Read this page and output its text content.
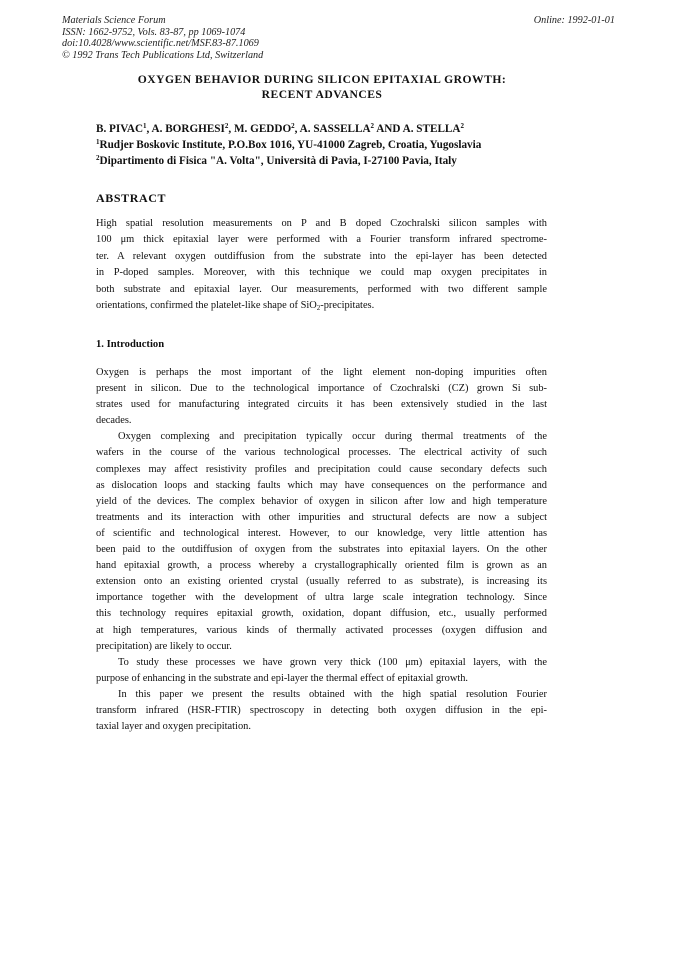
Materials Science Forum
ISSN: 1662-9752, Vols. 83-87, pp 1069-1074
doi:10.4028/www.scientific.net/MSF.83-87.1069
© 1992 Trans Tech Publications Ltd, Switzerland
Online: 1992-01-01
OXYGEN BEHAVIOR DURING SILICON EPITAXIAL GROWTH:
RECENT ADVANCES
B. PIVAC$^1$, A. BORGHESI$^2$, M. GEDDO$^2$, A. SASSELLA$^2$ AND A. STELLA$^2$
$^1$Rudjer Boskovic Institute, P.O.Box 1016, YU-41000 Zagreb, Croatia, Yugoslavia
$^2$Dipartimento di Fisica "A. Volta", Università di Pavia, I-27100 Pavia, Italy
ABSTRACT
High spatial resolution measurements on P and B doped Czochralski silicon samples with
100 μm thick epitaxial layer were performed with a Fourier transform infrared spectrome-
ter. A relevant oxygen outdiffusion from the substrate into the epi-layer has been detected
in P-doped samples. Moreover, with this technique we could map oxygen precipitates in
both substrate and epitaxial layer. Our measurements, performed with two different sample
orientations, confirmed the platelet-like shape of SiO$_2$-precipitates.
1. Introduction
Oxygen is perhaps the most important of the light element non-doping impurities often
present in silicon. Due to the technological importance of Czochralski (CZ) grown Si sub-
strates used for manufacturing integrated circuits it has been extensively studied in the last
decades.
Oxygen complexing and precipitation typically occur during thermal treatments of the
wafers in the course of the various technological processes. The electrical activity of such
complexes may affect resistivity profiles and precipitation could cause secondary defects such
as dislocation loops and stacking faults which may have consequences on the performance and
yield of the devices. The complex behavior of oxygen in silicon after low and high temperature
treatments and its interaction with other impurities and structural defects are now a subject
of scientific and technological interest. However, to our knowledge, very little attention has
been paid to the outdiffusion of oxygen from the substrates into epitaxial layers. On the other
hand epitaxial growth, a process whereby a crystallographically oriented film is grown as an
extension onto an existing oriented crystal (usually referred to as substrate), is increasing its
importance together with the development of ultra large scale integration technology. Since
this technology requires epitaxial growth, oxidation, dopant diffusion, etc., usually performed
at high temperatures, various kinds of thermally activated processes (oxygen diffusion and
precipitation) are likely to occur.
To study these processes we have grown very thick (100 μm) epitaxial layers, with the
purpose of enhancing in the substrate and epi-layer the thermal effect of epitaxial growth.
In this paper we present the results obtained with the high spatial resolution Fourier
transform infrared (HSR-FTIR) spectroscopy in detecting both oxygen diffusion in the epi-
taxial layer and oxygen precipitation.
